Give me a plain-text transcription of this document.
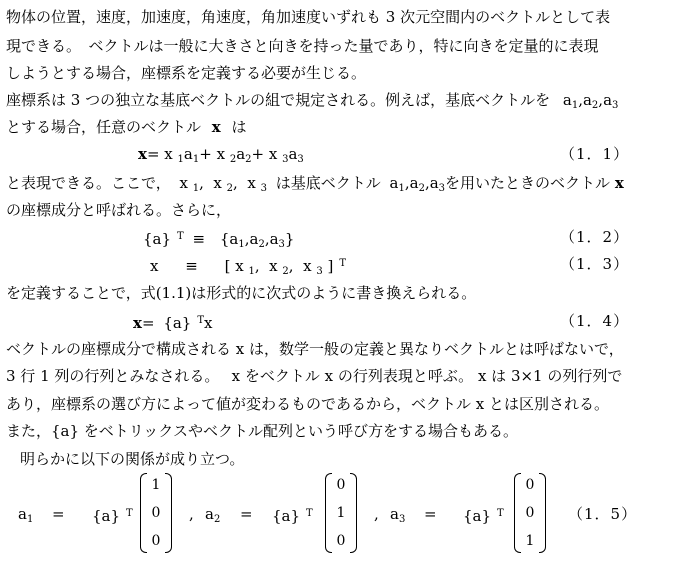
物体の位置，速度，加速度，角速度，角加速度いずれも 3 次元空間内のベクトルとして表
現できる。　ベクトルは一般に大きさと向きを持った量であり，特に向きを定量的に表現
しようとする場合，座標系を定義する必要が生じる。
座標系は 3 つの独立な基底ベクトルの組で規定される。例えば，基底ベクトルを $a_1,a_2,a_3$
とする場合，任意のベクトル x は
x= x $_1a_1+ x$ $_2a_2+ x$ $_3a_3$	（1．1）
と表現できる。ここで， x $_1$,  x $_2$,  x $_3$ は基底ベクトル $a_1,a_2,a_3$を用いたときのベクトル x
の座標成分と呼ばれる。さらに，
{a} $^T \equiv \{a_1,a_2,a_3\}$	（1．2）
x ≡ [ x $_1$,  x $_2$,  x $_3$ ] $^T$	（1．3）
を定義することで，式(1.1)は形式的に次式のように書き換えられる。
x= {a} $^T$x	（1．4）
ベクトルの座標成分で構成される x は，数学一般の定義と異なりベクトルとは呼ばないで，
3 行 1 列の行列とみなされる。　 x をベクトル x の行列表現と呼ぶ。 x は 3×1 の列行列で
あり，座標系の選び方によって値が変わるものであるから，ベクトル x とは区別される。
また，{a} をベトリックスやベクトル配列という呼び方をする場合もある。
明らかに以下の関係が成り立つ。
$a_1 = \{a\}$ $^T$
1
0
0
, $a_2 = \{a\}$ $^T$
0
1
0
, $a_3 = \{a\}$ $^T$
0
0
1
（1．5）
